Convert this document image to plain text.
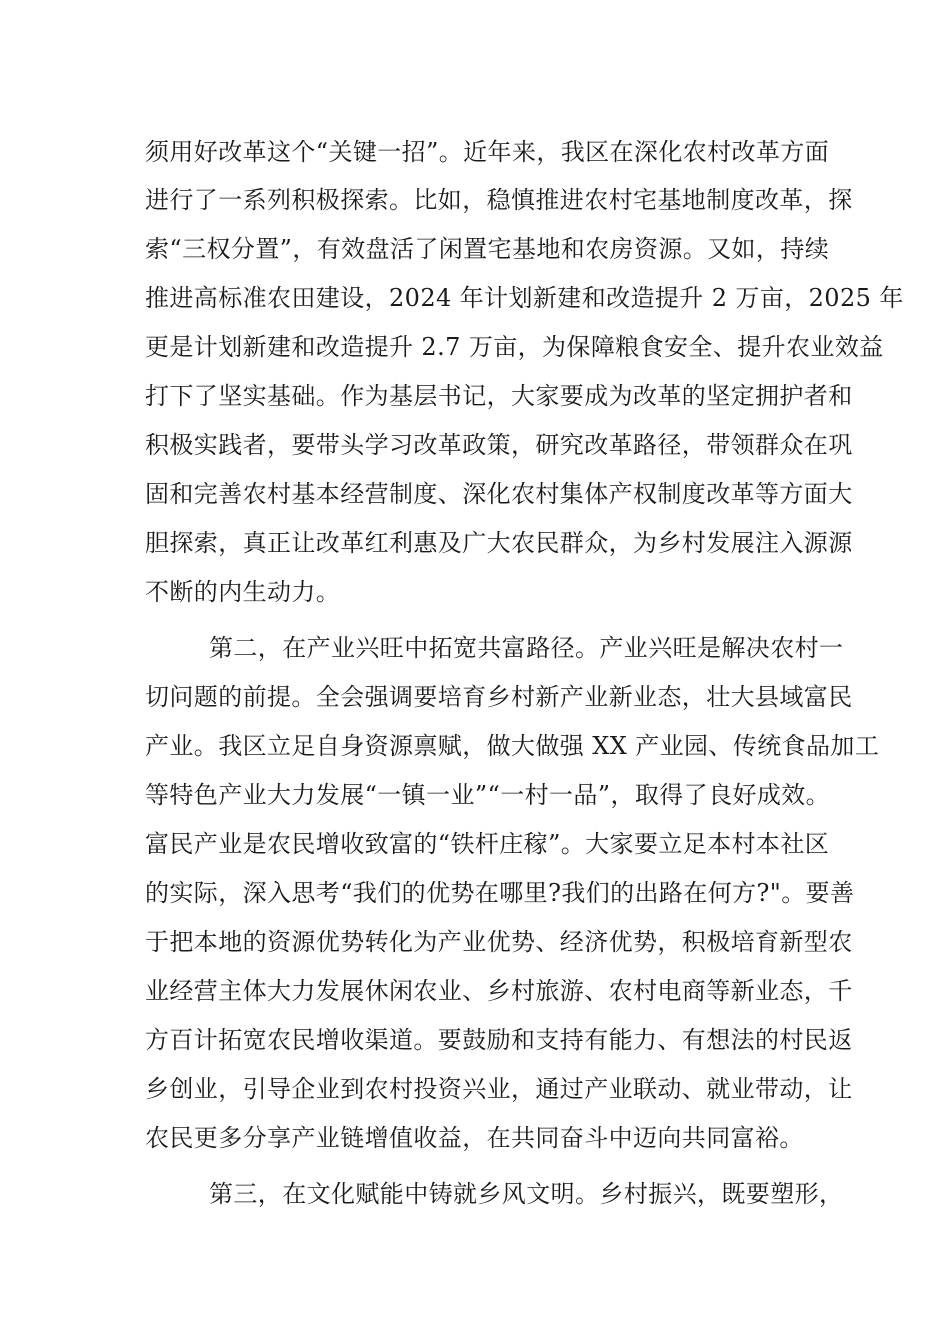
须用好改革这个“关键一招”。近年来，我区在深化农村改革方面
进行了一系列积极探索。比如，稳慎推进农村宅基地制度改革，探
索“三权分置”，有效盘活了闲置宅基地和农房资源。又如，持续
推进高标准农田建设，2024 年计划新建和改造提升 2 万亩，2025 年
更是计划新建和改造提升 2.7 万亩，为保障粮食安全、提升农业效益
打下了坚实基础。作为基层书记，大家要成为改革的坚定拥护者和
积极实践者，要带头学习改革政策，研究改革路径，带领群众在巩
固和完善农村基本经营制度、深化农村集体产权制度改革等方面大
胆探索，真正让改革红利惠及广大农民群众，为乡村发展注入源源
不断的内生动力。
第二，在产业兴旺中拓宽共富路径。产业兴旺是解决农村一
切问题的前提。全会强调要培育乡村新产业新业态，壮大县域富民
产业。我区立足自身资源禀赋，做大做强 XX 产业园、传统食品加工
等特色产业大力发展“一镇一业”“一村一品”，取得了良好成效。
富民产业是农民增收致富的“铁杆庄稼”。大家要立足本村本社区
的实际，深入思考“我们的优势在哪里?我们的出路在何方?"。要善
于把本地的资源优势转化为产业优势、经济优势，积极培育新型农
业经营主体大力发展休闲农业、乡村旅游、农村电商等新业态，千
方百计拓宽农民增收渠道。要鼓励和支持有能力、有想法的村民返
乡创业，引导企业到农村投资兴业，通过产业联动、就业带动，让
农民更多分享产业链增值收益，在共同奋斗中迈向共同富裕。
第三，在文化赋能中铸就乡风文明。乡村振兴，既要塑形，
